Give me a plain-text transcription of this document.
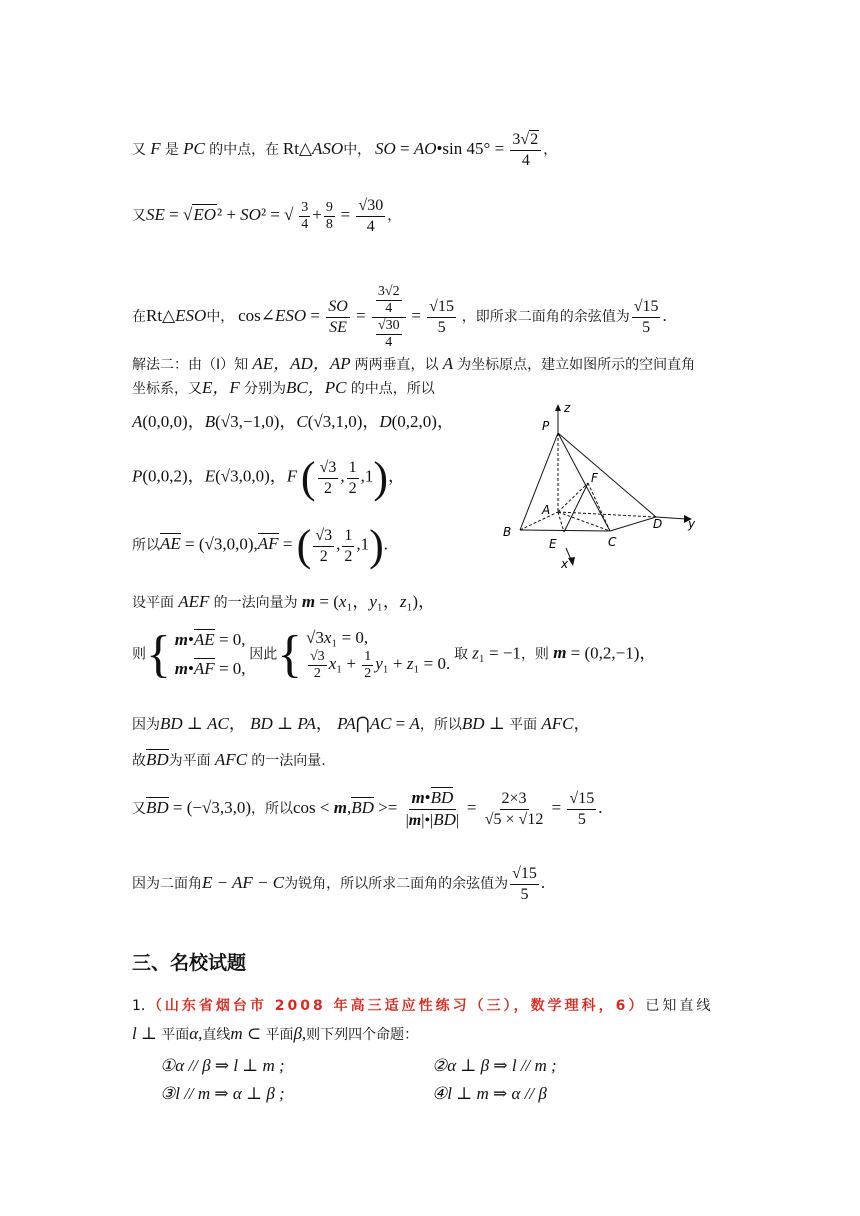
又 F 是 PC 的中点，在 Rt△ASO中， SO = AO•sin $45^\circ = \frac{3√2}{4}$ ，
又SE = √EO² + SO² = √ $\frac{3}{4} + \frac{9}{8} = \frac{√30}{4}$ ，
在Rt△ESO中， cos∠ESO = $\frac{SO}{SE} = \frac{\frac{3√2}{4}}{\frac{√30}{4}} = \frac{√15}{5}$ ，即所求二面角的余弦值为 $\frac{√15}{5}$ .
解法二：由（Ⅰ）知 AE，AD，AP 两两垂直，以 A 为坐标原点，建立如图所示的空间直角
坐标系，又E，F 分别为BC，PC 的中点，所以
A(0,0,0)，B(√3,−1,0)，C(√3,1,0)，D(0,2,0)，
P(0,0,2)，E(√3,0,0)，F ( $\frac{√3}{2}$ , $\frac{1}{2} ,1$)，
所以AE = (√3,0,0),AF = ( $\frac{√3}{2}$ , $\frac{1}{2} ,1$).
设平面 AEF 的一法向量为 m = (x₁，y₁，z₁)，
则{ m•AE = 0,
m•AF = 0,
因此{ √3x₁ = 0,
$\frac{√3}{2} x_1 + \frac{1}{2} y_1 + z_1 = 0$. 取 z₁ = −1，则 m = (0,2,−1)，
因为BD ⊥ AC， BD ⊥ PA， PA⋂AC = A，所以BD ⊥ 平面 AFC，
故BD为平面 AFC 的一法向量.
又BD = (−√3,3,0)，所以$\cos < m,BD >= \frac{m•BD}{|m|•|BD|} = \frac{2\times 3}{√5 \times √12} = \frac{√15}{5}$ .
因为二面角E − AF − C为锐角，所以所求二面角的余弦值为 $\frac{√15}{5}$ .
三、名校试题
1．（山东省烟台市 2008 年高三适应性练习（三），数学理科，6）已知直线
l ⊥ 平面α,直线m ⊂ 平面β,则下列四个命题：
①α // β ⇒ l ⊥ m ;	②α ⊥ β ⇒ l // m ;
③l // m ⇒ α ⊥ β ;	④l ⊥ m ⇒ α // β
P
z
F
A
D y
B
E	C
x
